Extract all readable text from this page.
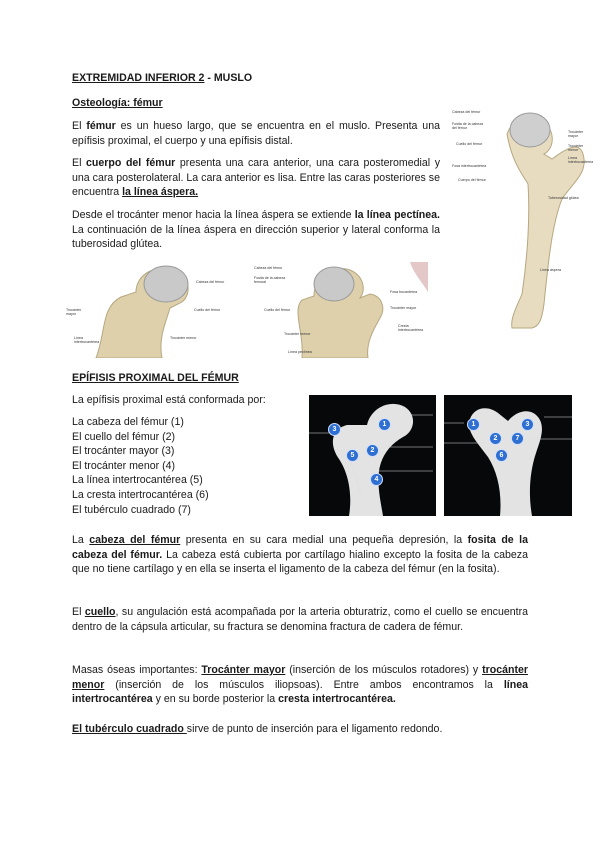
EXTREMIDAD INFERIOR 2 - MUSLO
Osteología: fémur

El fémur es un hueso largo, que se encuentra en el muslo. Presenta una epífisis proximal, el cuerpo y una epífisis distal.

El cuerpo del fémur presenta una cara anterior, una cara posteromedial y una cara posterolateral. La cara anterior es lisa. Entre las caras posteriores se encuentra la línea áspera.

Desde el trocánter menor hacia la línea áspera se extiende la línea pectínea. La continuación de la línea áspera en dirección superior y lateral conforma la tuberosidad glútea.

Cabeza del fémur
Fosita de la cabeza del fémur
Cuello del fémur
Fosa intertrocantérea
Cuerpo del fémur
Trocánter mayor
Trocánter menor
Línea intertrocantérea
Tuberosidad glútea
Línea áspera
Cabeza del fémur
Cuello del fémur
Trocánter mayor
Línea intertrocantérea
Trocánter menor
Cabeza del fémur
Fosita de la cabeza femoral
Cuello del fémur
Fosa trocantérea
Trocánter mayor
Trocánter menor
Cresta intertrocantérea
Línea pectínea
EPÍFISIS PROXIMAL DEL FÉMUR
La epífisis proximal está conformada por:
La cabeza del fémur (1)
El cuello del fémur (2)
El trocánter mayor (3)
El trocánter menor (4)
La línea intertrocantérea (5)
La cresta intertrocantérea (6)
El tubérculo cuadrado (7)
1
2
3
4
5
1
2
3
6
7

La cabeza del fémur presenta en su cara medial una pequeña depresión, la fosita de la cabeza del fémur. La cabeza está cubierta por cartílago hialino excepto la fosita de la cabeza que no tiene cartílago y en ella se inserta el ligamento de la cabeza del fémur (en la fosita).

El cuello, su angulación está acompañada por la arteria obturatriz, como el cuello se encuentra dentro de la cápsula articular, su fractura se denomina fractura de cadera de fémur.

Masas óseas importantes: Trocánter mayor (inserción de los músculos rotadores) y trocánter menor (inserción de los músculos iliopsoas). Entre ambos encontramos la línea intertrocantérea y en su borde posterior la cresta intertrocantérea.

El tubérculo cuadrado sirve de punto de inserción para el ligamento redondo.
